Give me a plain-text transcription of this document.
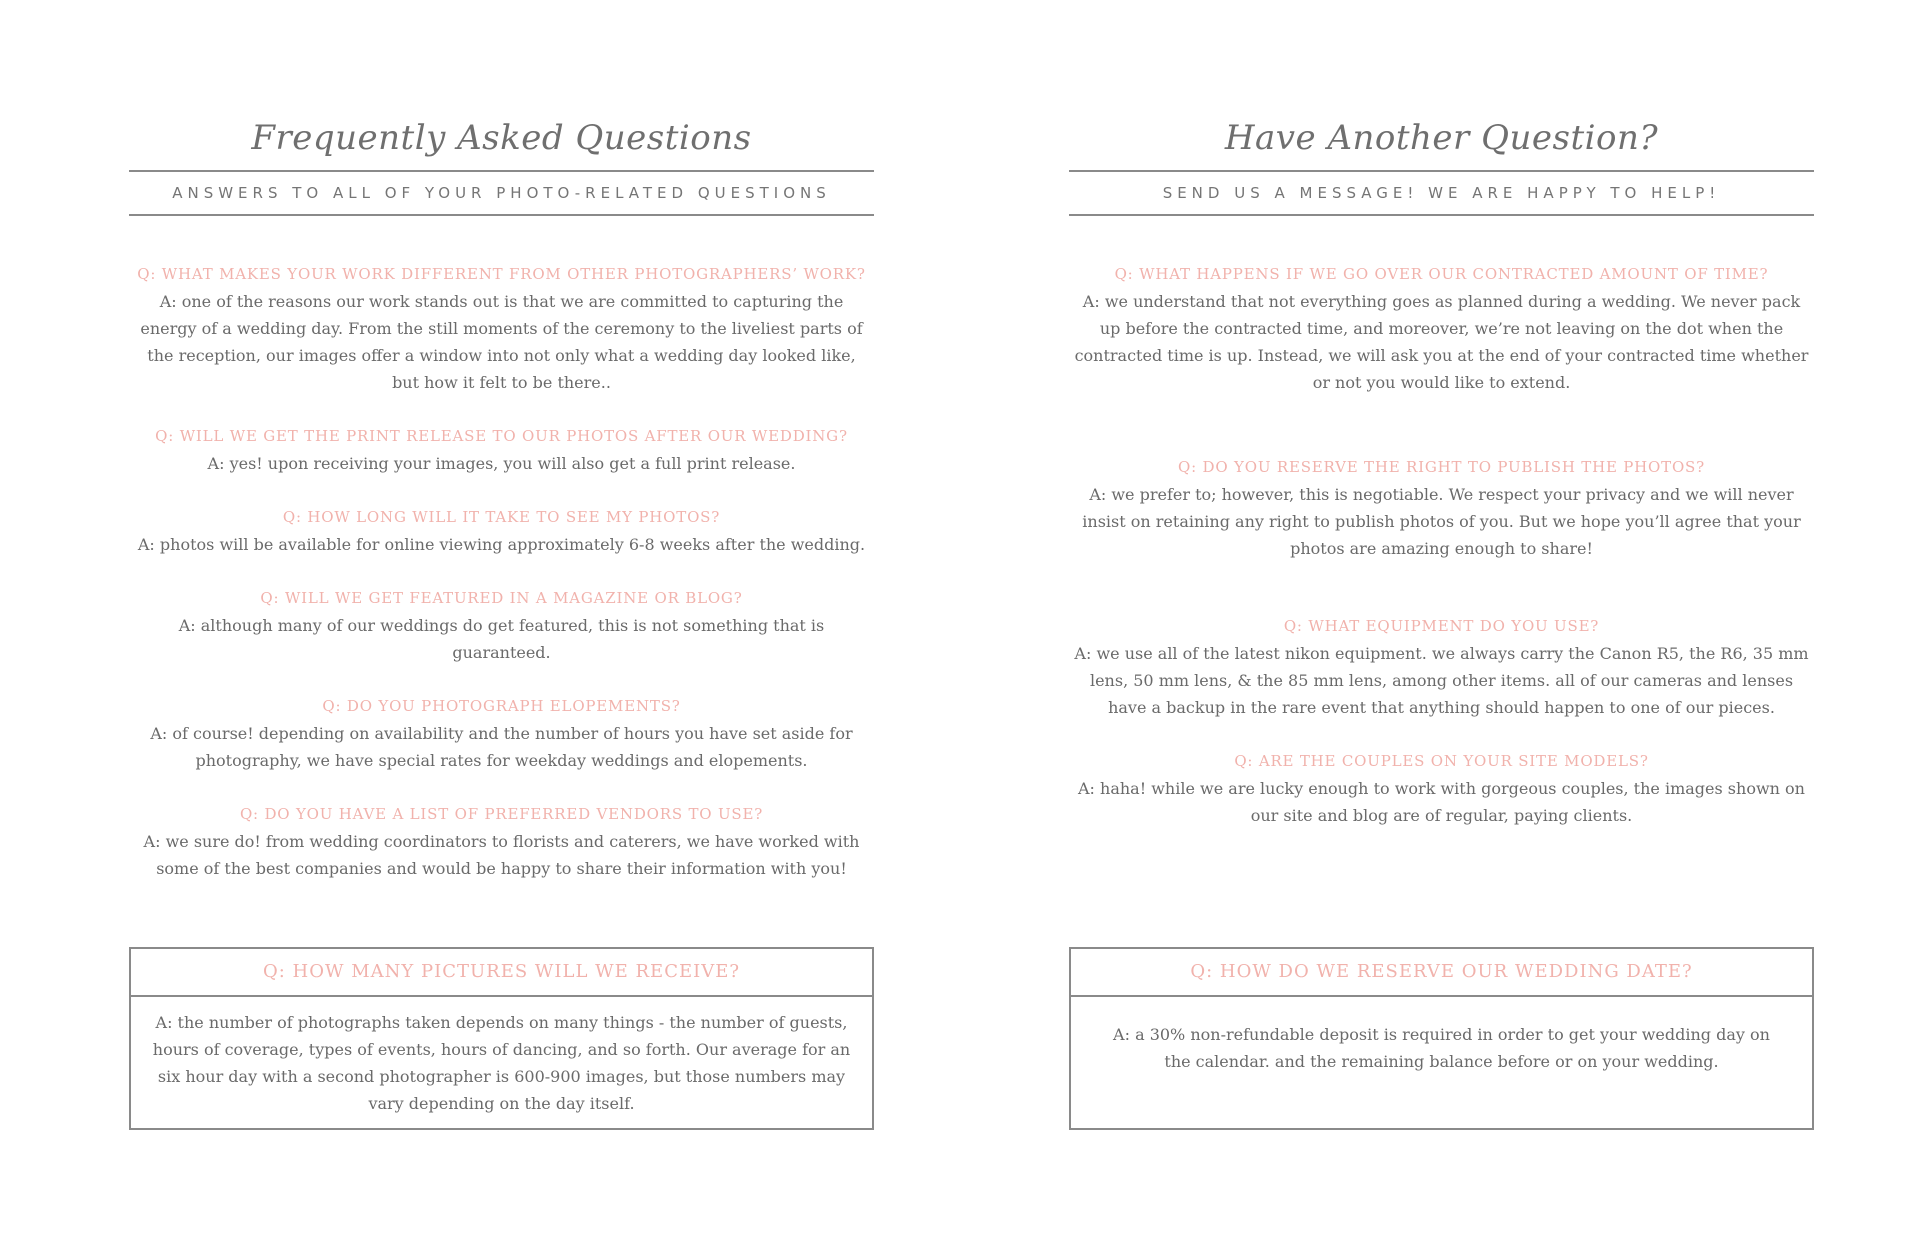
Frequently Asked Questions
ANSWERS TO ALL OF YOUR PHOTO-RELATED QUESTIONS
Q: WHAT MAKES YOUR WORK DIFFERENT FROM OTHER PHOTOGRAPHERS’ WORK?
A: one of the reasons our work stands out is that we are committed to capturing the energy of a wedding day. From the still moments of the ceremony to the liveliest parts of the reception, our images offer a window into not only what a wedding day looked like, but how it felt to be there..
Q: WILL WE GET THE PRINT RELEASE TO OUR PHOTOS AFTER OUR WEDDING?
A: yes! upon receiving your images, you will also get a full print release.
Q: HOW LONG WILL IT TAKE TO SEE MY PHOTOS?
A: photos will be available for online viewing approximately 6-8 weeks after the wedding.
Q: WILL WE GET FEATURED IN A MAGAZINE OR BLOG?
A: although many of our weddings do get featured, this is not something that is guaranteed.
Q: DO YOU PHOTOGRAPH ELOPEMENTS?
A: of course! depending on availability and the number of hours you have set aside for photography, we have special rates for weekday weddings and elopements.
Q: DO YOU HAVE A LIST OF PREFERRED VENDORS TO USE?
A: we sure do! from wedding coordinators to florists and caterers, we have worked with some of the best companies and would be happy to share their information with you!
Q: HOW MANY PICTURES WILL WE RECEIVE?
A: the number of photographs taken depends on many things - the number of guests, hours of coverage, types of events, hours of dancing, and so forth. Our average for an six hour day with a second photographer is 600-900 images, but those numbers may vary depending on the day itself.
Have Another Question?
SEND US A MESSAGE! WE ARE HAPPY TO HELP!
Q: WHAT HAPPENS IF WE GO OVER OUR CONTRACTED AMOUNT OF TIME?
A: we understand that not everything goes as planned during a wedding. We never pack up before the contracted time, and moreover, we’re not leaving on the dot when the contracted time is up. Instead, we will ask you at the end of your contracted time whether or not you would like to extend.
Q: DO YOU RESERVE THE RIGHT TO PUBLISH THE PHOTOS?
A: we prefer to; however, this is negotiable. We respect your privacy and we will never insist on retaining any right to publish photos of you. But we hope you’ll agree that your photos are amazing enough to share!
Q: WHAT EQUIPMENT DO YOU USE?
A: we use all of the latest nikon equipment. we always carry the Canon R5, the R6, 35 mm lens, 50 mm lens, & the 85 mm lens, among other items. all of our cameras and lenses have a backup in the rare event that anything should happen to one of our pieces.
Q: ARE THE COUPLES ON YOUR SITE MODELS?
A: haha! while we are lucky enough to work with gorgeous couples, the images shown on our site and blog are of regular, paying clients.
Q: HOW DO WE RESERVE OUR WEDDING DATE?
A: a 30% non-refundable deposit is required in order to get your wedding day on the calendar. and the remaining balance before or on your wedding.
